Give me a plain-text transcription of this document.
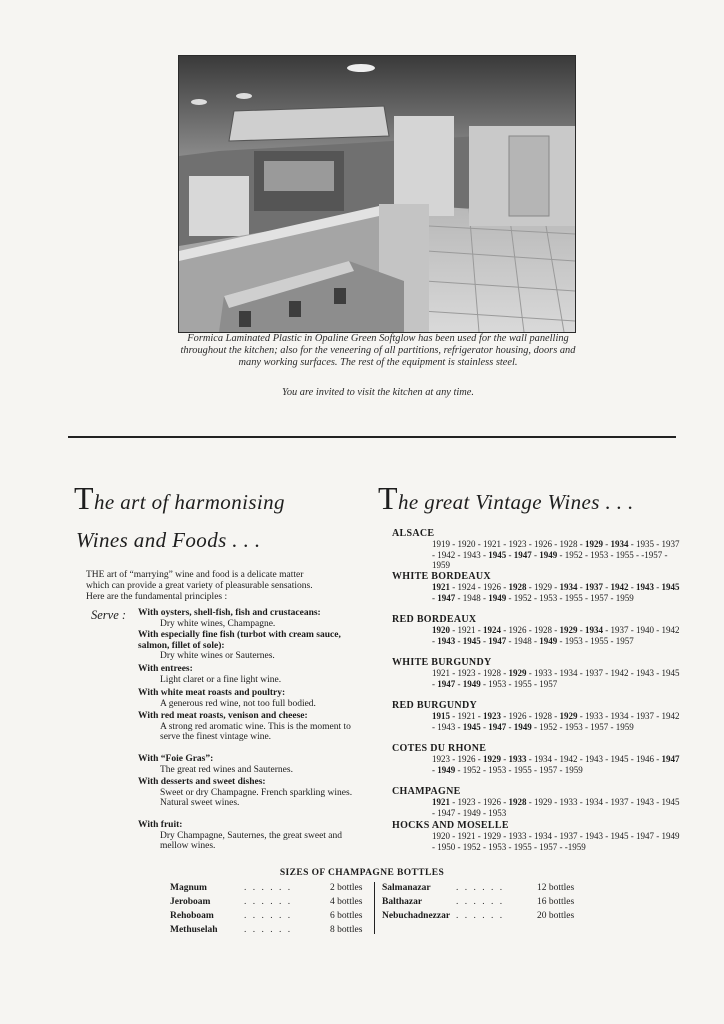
Formica Laminated Plastic in Opaline Green Softglow has been used for the wall panelling throughout the kitchen; also for the veneering of all partitions, refrigerator housing, doors and many working surfaces. The rest of the equipment is stainless steel.
You are invited to visit the kitchen at any time.
The art of harmonising
Wines and Foods . . .
THE art of “marrying” wine and food is a delicate matter which can provide a great variety of pleasurable sensations. Here are the fundamental principles :
Serve : With oysters, shell-fish, fish and crustaceans:
Dry white wines, Champagne.
With especially fine fish (turbot with cream sauce, salmon, fillet of sole):
Dry white wines or Sauternes.
With entrees:
Light claret or a fine light wine.
With white meat roasts and poultry:
A generous red wine, not too full bodied.
With red meat roasts, venison and cheese:
A strong red aromatic wine. This is the moment to serve the finest vintage wine.
With “Foie Gras”:
The great red wines and Sauternes.
With desserts and sweet dishes:
Sweet or dry Champagne. French sparkling wines. Natural sweet wines.
With fruit:
Dry Champagne, Sauternes, the great sweet and mellow wines.
The great Vintage Wines . . .
ALSACE
1919 - 1920 - 1921 - 1923 - 1926 - 1928 - 1929 - 1934 - 1935 - 1937 - 1942 - 1943 - 1945 - 1947 - 1949 - 1952 - 1953 - 1955 - -1957 - 1959
WHITE BORDEAUX
1921 - 1924 - 1926 - 1928 - 1929 - 1934 - 1937 - 1942 - 1943 - 1945 - 1947 - 1948 - 1949 - 1952 - 1953 - 1955 - 1957 - 1959
RED BORDEAUX
1920 - 1921 - 1924 - 1926 - 1928 - 1929 - 1934 - 1937 - 1940 - 1942 - 1943 - 1945 - 1947 - 1948 - 1949 - 1953 - 1955 - 1957
WHITE BURGUNDY
1921 - 1923 - 1928 - 1929 - 1933 - 1934 - 1937 - 1942 - 1943 - 1945 - 1947 - 1949 - 1953 - 1955 - 1957
RED BURGUNDY
1915 - 1921 - 1923 - 1926 - 1928 - 1929 - 1933 - 1934 - 1937 - 1942 - 1943 - 1945 - 1947 - 1949 - 1952 - 1953 - 1957 - 1959
COTES DU RHONE
1923 - 1926 - 1929 - 1933 - 1934 - 1942 - 1943 - 1945 - 1946 - 1947 - 1949 - 1952 - 1953 - 1955 - 1957 - 1959
CHAMPAGNE
1921 - 1923 - 1926 - 1928 - 1929 - 1933 - 1934 - 1937 - 1943 - 1945 - 1947 - 1949 - 1953
HOCKS AND MOSELLE
1920 - 1921 - 1929 - 1933 - 1934 - 1937 - 1943 - 1945 - 1947 - 1949 - 1950 - 1952 - 1953 - 1955 - 1957 - -1959
SIZES OF CHAMPAGNE BOTTLES
Magnum	. . . . . .	2 bottles
Jeroboam	. . . . . .	4 bottles
Rehoboam	. . . . . .	6 bottles
Methuselah	. . . . . .	8 bottles
Salmanazar	. . . . . .	12 bottles
Balthazar	. . . . . .	16 bottles
Nebuchadnezzar . . . . . .	20 bottles
